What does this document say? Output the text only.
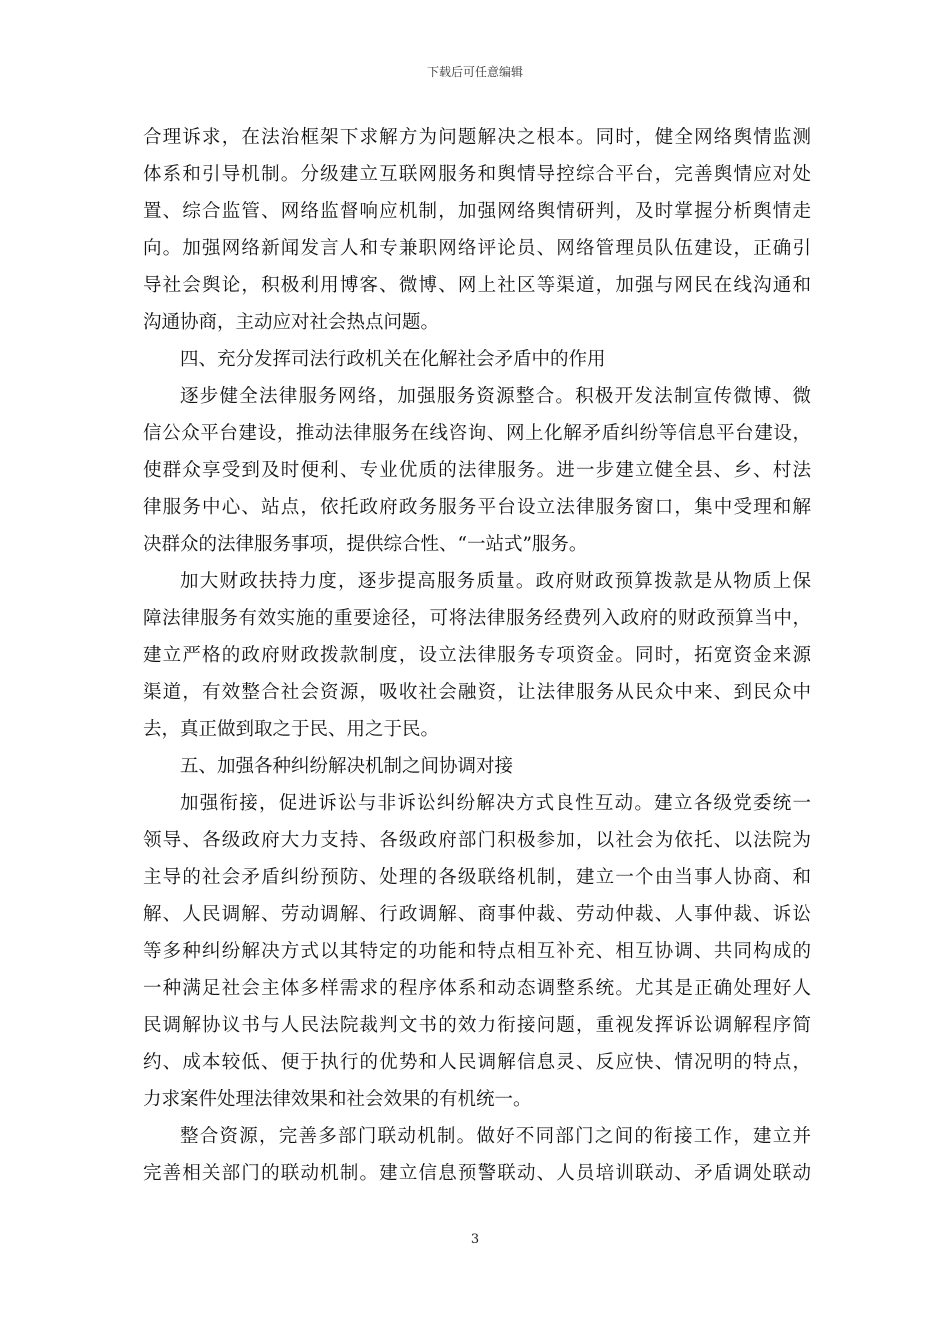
下载后可任意编辑
合理诉求，在法治框架下求解方为问题解决之根本。同时，健全网络舆情监测
体系和引导机制。分级建立互联网服务和舆情导控综合平台，完善舆情应对处
置、综合监管、网络监督响应机制，加强网络舆情研判，及时掌握分析舆情走
向。加强网络新闻发言人和专兼职网络评论员、网络管理员队伍建设，正确引
导社会舆论，积极利用博客、微博、网上社区等渠道，加强与网民在线沟通和
沟通协商，主动应对社会热点问题。
四、充分发挥司法行政机关在化解社会矛盾中的作用
逐步健全法律服务网络，加强服务资源整合。积极开发法制宣传微博、微
信公众平台建设，推动法律服务在线咨询、网上化解矛盾纠纷等信息平台建设，
使群众享受到及时便利、专业优质的法律服务。进一步建立健全县、乡、村法
律服务中心、站点，依托政府政务服务平台设立法律服务窗口，集中受理和解
决群众的法律服务事项，提供综合性、“一站式”服务。
加大财政扶持力度，逐步提高服务质量。政府财政预算拨款是从物质上保
障法律服务有效实施的重要途径，可将法律服务经费列入政府的财政预算当中，
建立严格的政府财政拨款制度，设立法律服务专项资金。同时，拓宽资金来源
渠道，有效整合社会资源，吸收社会融资，让法律服务从民众中来、到民众中
去，真正做到取之于民、用之于民。
五、加强各种纠纷解决机制之间协调对接
加强衔接，促进诉讼与非诉讼纠纷解决方式良性互动。建立各级党委统一
领导、各级政府大力支持、各级政府部门积极参加，以社会为依托、以法院为
主导的社会矛盾纠纷预防、处理的各级联络机制，建立一个由当事人协商、和
解、人民调解、劳动调解、行政调解、商事仲裁、劳动仲裁、人事仲裁、诉讼
等多种纠纷解决方式以其特定的功能和特点相互补充、相互协调、共同构成的
一种满足社会主体多样需求的程序体系和动态调整系统。尤其是正确处理好人
民调解协议书与人民法院裁判文书的效力衔接问题，重视发挥诉讼调解程序简
约、成本较低、便于执行的优势和人民调解信息灵、反应快、情况明的特点，
力求案件处理法律效果和社会效果的有机统一。
整合资源，完善多部门联动机制。做好不同部门之间的衔接工作，建立并
完善相关部门的联动机制。建立信息预警联动、人员培训联动、矛盾调处联动
3
